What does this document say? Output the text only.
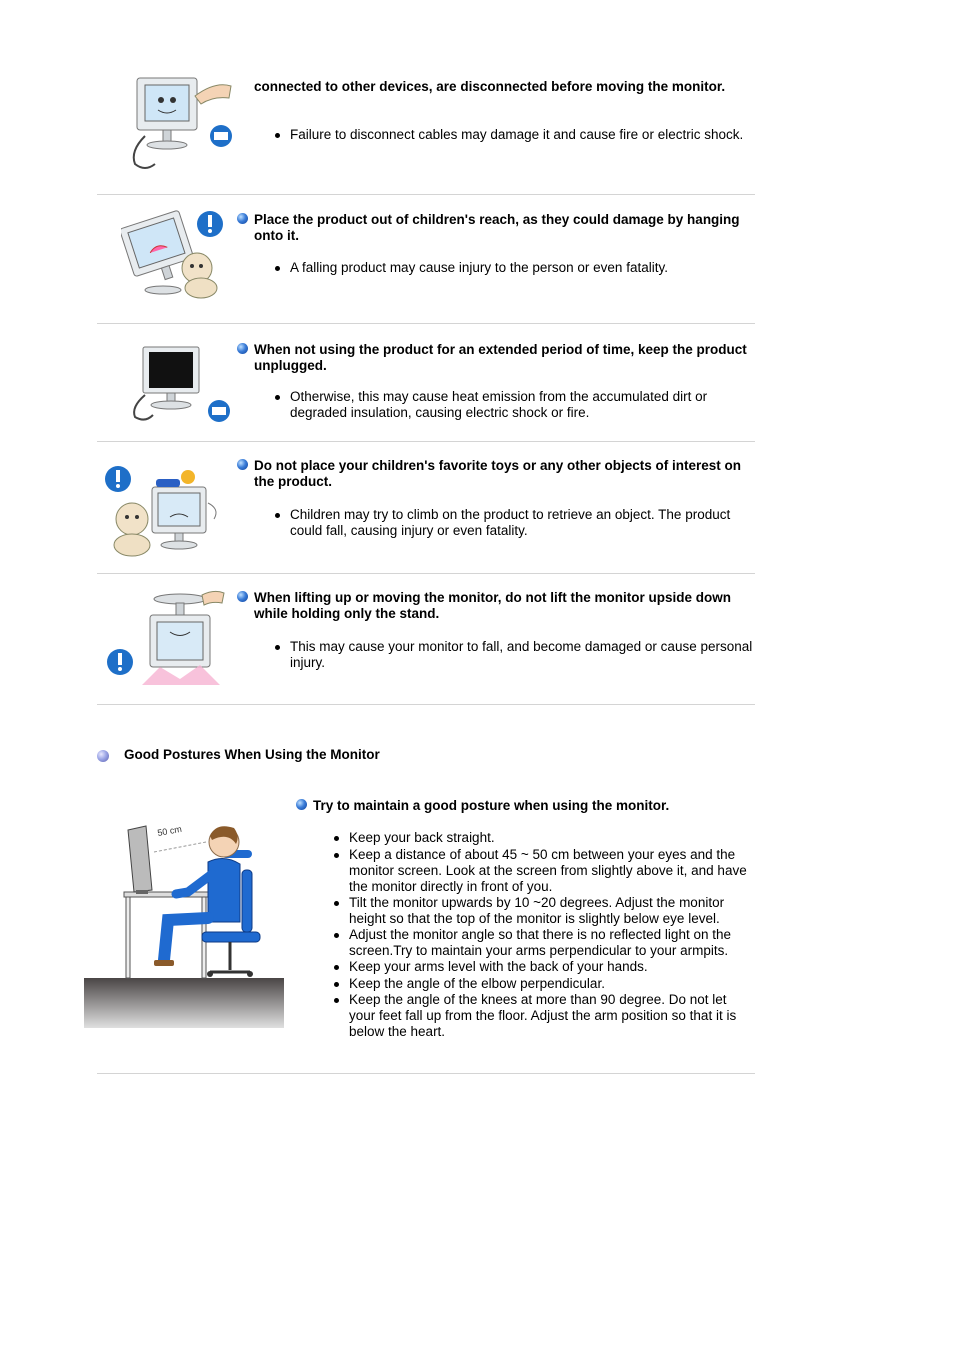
connected to other devices, are disconnected before moving the monitor.
Failure to disconnect cables may damage it and cause fire or electric shock.
Place the product out of children's reach, as they could damage by hanging onto it.
A falling product may cause injury to the person or even fatality.
When not using the product for an extended period of time, keep the product unplugged.
Otherwise, this may cause heat emission from the accumulated dirt or degraded insulation, causing electric shock or fire.
Do not place your children's favorite toys or any other objects of interest on the product.
Children may try to climb on the product to retrieve an object. The product could fall, causing injury or even fatality.
When lifting up or moving the monitor, do not lift the monitor upside down while holding only the stand.
This may cause your monitor to fall, and become damaged or cause personal injury.
Good Postures When Using the Monitor
50 cm
Try to maintain a good posture when using the monitor.
Keep your back straight.
Keep a distance of about 45 ~ 50 cm between your eyes and the monitor screen. Look at the screen from slightly above it, and have the monitor directly in front of you.
Tilt the monitor upwards by 10 ~20 degrees. Adjust the monitor height so that the top of the monitor is slightly below eye level.
Adjust the monitor angle so that there is no reflected light on the screen.Try to maintain your arms perpendicular to your armpits.
Keep your arms level with the back of your hands.
Keep the angle of the elbow perpendicular.
Keep the angle of the knees at more than 90 degree. Do not let your feet fall up from the floor. Adjust the arm position so that it is below the heart.
